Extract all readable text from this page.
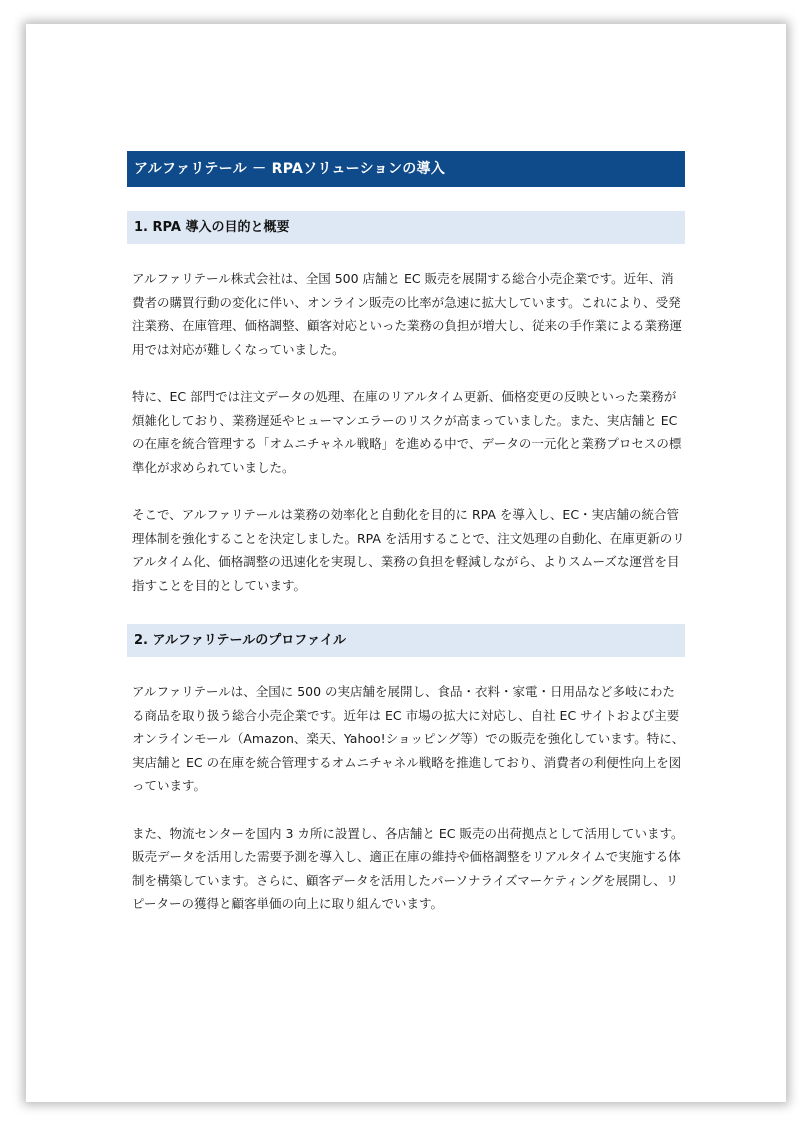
アルファリテール － RPAソリューションの導入
1. RPA 導入の目的と概要

アルファリテール株式会社は、全国 500 店舗と EC 販売を展開する総合小売企業です。近年、消費者の購買行動の変化に伴い、オンライン販売の比率が急速に拡大しています。これにより、受発注業務、在庫管理、価格調整、顧客対応といった業務の負担が増大し、従来の手作業による業務運用では対応が難しくなっていました。

特に、EC 部門では注文データの処理、在庫のリアルタイム更新、価格変更の反映といった業務が煩雑化しており、業務遅延やヒューマンエラーのリスクが高まっていました。また、実店舗と EC の在庫を統合管理する「オムニチャネル戦略」を進める中で、データの一元化と業務プロセスの標準化が求められていました。

そこで、アルファリテールは業務の効率化と自動化を目的に RPA を導入し、EC・実店舗の統合管理体制を強化することを決定しました。RPA を活用することで、注文処理の自動化、在庫更新のリアルタイム化、価格調整の迅速化を実現し、業務の負担を軽減しながら、よりスムーズな運営を目指すことを目的としています。

2. アルファリテールのプロファイル

アルファリテールは、全国に 500 の実店舗を展開し、食品・衣料・家電・日用品など多岐にわたる商品を取り扱う総合小売企業です。近年は EC 市場の拡大に対応し、自社 EC サイトおよび主要オンラインモール（Amazon、楽天、Yahoo!ショッピング等）での販売を強化しています。特に、実店舗と EC の在庫を統合管理するオムニチャネル戦略を推進しており、消費者の利便性向上を図っています。

また、物流センターを国内 3 カ所に設置し、各店舗と EC 販売の出荷拠点として活用しています。販売データを活用した需要予測を導入し、適正在庫の維持や価格調整をリアルタイムで実施する体制を構築しています。さらに、顧客データを活用したパーソナライズマーケティングを展開し、リピーターの獲得と顧客単価の向上に取り組んでいます。
